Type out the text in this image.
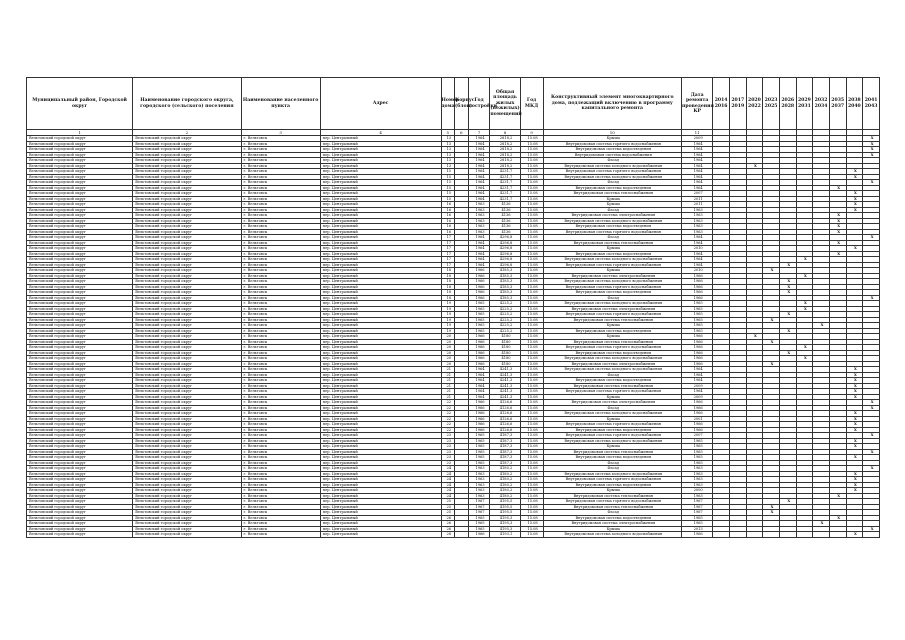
Муниципальный район, Городской округ	Наименование городского округа, городского (сельского) поселения	Наименование населенного пункта	Адрес	Номер дома	Корпус (блок)	Год постройки	Общая площадь жилых (нежилых) помещений	Год МКД	Конструктивный элемент многоквартирного дома, подлежащий включению в программу капитального ремонта	Дата ремонта проведения КР	2014 2016	2017 2019	2020 2022	2023 2025	2026 2028	2029 2031	2032 2034	2035 2037	2038 2040	2041 2043
1	2	3	4	5	6	7	8	9	10	11										
Вельтовский городской округ	Вельтовский городской округ	г. Вельтовск	пер. Центральный	13		1964	2818,2	15.08	Крыша	2009										X
Вельтовский городской округ	Вельтовский городской округ	г. Вельтовск	пер. Центральный	13		1964	2818,2	15.08	Внутридомовая система горячего водоснабжения	1964										X
Вельтовский городской округ	Вельтовский городской округ	г. Вельтовск	пер. Центральный	13		1964	2818,2	15.08	Внутридомовая система водоотведения	1964										X
Вельтовский городской округ	Вельтовский городской округ	г. Вельтовск	пер. Центральный	13		1964	2818,2	15.08	Внутридомовая система водоснабжения	1964										X
Вельтовский городской округ	Вельтовский городской округ	г. Вельтовск	пер. Центральный	13		1964	2818,2	15.08	Фасад	1964										
Вельтовский городской округ	Вельтовский городской округ	г. Вельтовск	пер. Центральный	13		1964	2818,2	15.08	Внутридомовая система холодного водоснабжения	1964			X							
Вельтовский городской округ	Вельтовский городской округ	г. Вельтовск	пер. Центральный	15		1964	4231,7	15.08	Внутридомовая система горячего водоснабжения	1964									X	
Вельтовский городской округ	Вельтовский городской округ	г. Вельтовск	пер. Центральный	15		1964	4231,7	15.08	Внутридомовая система холодного водоснабжения	1964									X	
Вельтовский городской округ	Вельтовский городской округ	г. Вельтовск	пер. Центральный	15		1964	4231,7	15.08	Фасад	1964										X
Вельтовский городской округ	Вельтовский городской округ	г. Вельтовск	пер. Центральный	15		1964	4231,7	15.08	Внутридомовая система водоотведения	1964								X		
Вельтовский городской округ	Вельтовский городской округ	г. Вельтовск	пер. Центральный	15		1964	4231,7	15.08	Внутридомовая система теплоснабжения	2007									X	
Вельтовский городской округ	Вельтовский городской округ	г. Вельтовск	пер. Центральный	15		1964	4231,7	15.08	Крыша	2011									X	
Вельтовский городской округ	Вельтовский городской округ	г. Вельтовск	пер. Центральный	16		1963	4136	15.08	Крыша	2011									X	
Вельтовский городской округ	Вельтовский городской округ	г. Вельтовск	пер. Центральный	16		1963	4136	15.08	Фасад	1963									X	
Вельтовский городской округ	Вельтовский городской округ	г. Вельтовск	пер. Центральный	16		1963	4136	15.08	Внутридомовая система электроснабжения	1963								X		
Вельтовский городской округ	Вельтовский городской округ	г. Вельтовск	пер. Центральный	16		1963	4136	15.08	Внутридомовая система холодного водоснабжения	1963								X		
Вельтовский городской округ	Вельтовский городской округ	г. Вельтовск	пер. Центральный	16		1963	4136	15.08	Внутридомовая система водоотведения	1963								X		
Вельтовский городской округ	Вельтовский городской округ	г. Вельтовск	пер. Центральный	16		1963	4136	15.08	Внутридомовая система горячего водоснабжения	1963								X		
Вельтовский городской округ	Вельтовский городской округ	г. Вельтовск	пер. Центральный	17		1964	4296,8	15.08	Фасад	1964										X
Вельтовский городской округ	Вельтовский городской округ	г. Вельтовск	пер. Центральный	17		1964	4296,8	15.08	Внутридомовая система теплоснабжения	1964								X		
Вельтовский городской округ	Вельтовский городской округ	г. Вельтовск	пер. Центральный	17		1964	4296,8	15.08	Крыша	2010									X	
Вельтовский городской округ	Вельтовский городской округ	г. Вельтовск	пер. Центральный	17		1964	4296,8	15.08	Внутридомовая система водоотведения	1964								X		
Вельтовский городской округ	Вельтовский городской округ	г. Вельтовск	пер. Центральный	17		1964	4296,8	15.08	Внутридомовая система холодного водоснабжения	1964						X				
Вельтовский городской округ	Вельтовский городской округ	г. Вельтовск	пер. Центральный	17		1964	4296,8	15.08	Внутридомовая система горячего водоснабжения	1964					X					
Вельтовский городской округ	Вельтовский городской округ	г. Вельтовск	пер. Центральный	18		1966	4185,3	15.08	Крыша	2010				X						
Вельтовский городской округ	Вельтовский городской округ	г. Вельтовск	пер. Центральный	18		1966	4185,3	15.08	Внутридомовая система электроснабжения	1966						X				
Вельтовский городской округ	Вельтовский городской округ	г. Вельтовск	пер. Центральный	18		1966	4185,3	15.08	Внутридомовая система холодного водоснабжения	1966					X					
Вельтовский городской округ	Вельтовский городской округ	г. Вельтовск	пер. Центральный	18		1966	4185,3	15.08	Внутридомовая система горячего водоснабжения	1966					X					
Вельтовский городской округ	Вельтовский городской округ	г. Вельтовск	пер. Центральный	18		1966	4185,3	15.08	Внутридомовая система водоотведения	1966					X					
Вельтовский городской округ	Вельтовский городской округ	г. Вельтовск	пер. Центральный	18		1966	4185,3	15.08	Фасад	1966										X
Вельтовский городской округ	Вельтовский городской округ	г. Вельтовск	пер. Центральный	19		1965	4225,2	15.08	Внутридомовая система холодного водоснабжения	1965						X				
Вельтовский городской округ	Вельтовский городской округ	г. Вельтовск	пер. Центральный	19		1965	4225,2	15.08	Внутридомовая система электроснабжения	1965						X				
Вельтовский городской округ	Вельтовский городской округ	г. Вельтовск	пер. Центральный	19		1965	4225,2	15.08	Внутридомовая система горячего водоснабжения	1965					X					
Вельтовский городской округ	Вельтовский городской округ	г. Вельтовск	пер. Центральный	19		1965	4225,2	15.08	Внутридомовая система теплоснабжения	1965				X						
Вельтовский городской округ	Вельтовский городской округ	г. Вельтовск	пер. Центральный	19		1965	4225,2	15.08	Крыша	1965							X			
Вельтовский городской округ	Вельтовский городской округ	г. Вельтовск	пер. Центральный	19		1965	4225,2	15.08	Внутридомовая система водоотведения	1965					X					
Вельтовский городской округ	Вельтовский городской округ	г. Вельтовск	пер. Центральный	20		1966	4180	15.08	Крыша	1966			X							
Вельтовский городской округ	Вельтовский городской округ	г. Вельтовск	пер. Центральный	20		1966	4180	15.08	Внутридомовая система теплоснабжения	1966				X						
Вельтовский городской округ	Вельтовский городской округ	г. Вельтовск	пер. Центральный	20		1966	4180	15.08	Внутридомовая система горячего водоснабжения	1966						X				
Вельтовский городской округ	Вельтовский городской округ	г. Вельтовск	пер. Центральный	20		1966	4180	15.08	Внутридомовая система водоотведения	1966					X					
Вельтовский городской округ	Вельтовский городской округ	г. Вельтовск	пер. Центральный	20		1966	4180	15.08	Внутридомовая система холодного водоснабжения	1966						X				
Вельтовский городской округ	Вельтовский городской округ	г. Вельтовск	пер. Центральный	20		1966	4180	15.08	Внутридомовая система электроснабжения	1966				X						
Вельтовский городской округ	Вельтовский городской округ	г. Вельтовск	пер. Центральный	21		1964	4241,3	15.08	Внутридомовая система холодного водоснабжения	1964									X	
Вельтовский городской округ	Вельтовский городской округ	г. Вельтовск	пер. Центральный	21		1964	4241,3	15.08	Фасад	1964									X	
Вельтовский городской округ	Вельтовский городской округ	г. Вельтовск	пер. Центральный	21		1964	4241,3	15.08	Внутридомовая система водоотведения	1964									X	
Вельтовский городской округ	Вельтовский городской округ	г. Вельтовск	пер. Центральный	21		1964	4241,3	15.08	Внутридомовая система теплоснабжения	2009									X	
Вельтовский городской округ	Вельтовский городской округ	г. Вельтовск	пер. Центральный	21		1964	4241,3	15.08	Внутридомовая система горячего водоснабжения	1964									X	
Вельтовский городской округ	Вельтовский городской округ	г. Вельтовск	пер. Центральный	21		1964	4241,3	15.08	Крыша	2009									X	
Вельтовский городской округ	Вельтовский городской округ	г. Вельтовск	пер. Центральный	22		1966	4126,6	15.08	Внутридомовая система электроснабжения	1966										X
Вельтовский городской округ	Вельтовский городской округ	г. Вельтовск	пер. Центральный	22		1966	4126,6	15.08	Фасад	1966										X
Вельтовский городской округ	Вельтовский городской округ	г. Вельтовск	пер. Центральный	22		1966	4126,6	15.08	Внутридомовая система холодного водоснабжения	1966									X	
Вельтовский городской округ	Вельтовский городской округ	г. Вельтовск	пер. Центральный	22		1966	4126,6	15.08	Крыша	2001									X	
Вельтовский городской округ	Вельтовский городской округ	г. Вельтовск	пер. Центральный	22		1966	4126,6	15.08	Внутридомовая система горячего водоснабжения	1966									X	
Вельтовский городской округ	Вельтовский городской округ	г. Вельтовск	пер. Центральный	22		1966	4126,6	15.08	Внутридомовая система водоотведения	1966									X	
Вельтовский городской округ	Вельтовский городской округ	г. Вельтовск	пер. Центральный	23		1965	4187,3	15.08	Внутридомовая система горячего водоснабжения	2007										X
Вельтовский городской округ	Вельтовский городской округ	г. Вельтовск	пер. Центральный	23		1965	4187,3	15.08	Внутридомовая система холодного водоснабжения	1965									X	
Вельтовский городской округ	Вельтовский городской округ	г. Вельтовск	пер. Центральный	23		1965	4187,3	15.08	Крыша	1965									X	
Вельтовский городской округ	Вельтовский городской округ	г. Вельтовск	пер. Центральный	23		1965	4187,3	15.08	Внутридомовая система теплоснабжения	1965										X
Вельтовский городской округ	Вельтовский городской округ	г. Вельтовск	пер. Центральный	23		1965	4187,3	15.08	Внутридомовая система водоотведения	1965									X	
Вельтовский городской округ	Вельтовский городской округ	г. Вельтовск	пер. Центральный	23		1965	4187,3	15.08	Фасад	1965										
Вельтовский городской округ	Вельтовский городской округ	г. Вельтовск	пер. Центральный	24		1963	4180,2	15.08	Фасад	1963										X
Вельтовский городской округ	Вельтовский городской округ	г. Вельтовск	пер. Центральный	24		1963	4180,2	15.08	Внутридомовая система холодного водоснабжения	1963									X	
Вельтовский городской округ	Вельтовский городской округ	г. Вельтовск	пер. Центральный	24		1963	4180,2	15.08	Внутридомовая система горячего водоснабжения	1963									X	
Вельтовский городской округ	Вельтовский городской округ	г. Вельтовск	пер. Центральный	24		1963	4180,2	15.08	Внутридомовая система водоотведения	1963									X	
Вельтовский городской округ	Вельтовский городской округ	г. Вельтовск	пер. Центральный	24		1963	4180,2	15.08	Крыша	2000									X	
Вельтовский городской округ	Вельтовский городской округ	г. Вельтовск	пер. Центральный	24		1963	4180,2	15.08	Внутридомовая система теплоснабжения	1963								X		
Вельтовский городской округ	Вельтовский городской округ	г. Вельтовск	пер. Центральный	25		1967	4195,5	15.08	Внутридомовая система горячего водоснабжения	1967					X					
Вельтовский городской округ	Вельтовский городской округ	г. Вельтовск	пер. Центральный	25		1967	4195,5	15.08	Внутридомовая система теплоснабжения	1967				X						
Вельтовский городской округ	Вельтовский городской округ	г. Вельтовск	пер. Центральный	25		1967	4195,5	15.08	Фасад	1967				X						
Вельтовский городской округ	Вельтовский городской округ	г. Вельтовск	пер. Центральный	26		1965	4195,3	15.08	Внутридомовая система водоотведения	1965								X		
Вельтовский городской округ	Вельтовский городской округ	г. Вельтовск	пер. Центральный	26		1965	4195,3	15.08	Внутридомовая система электроснабжения	1965							X			
Вельтовский городской округ	Вельтовский городской округ	г. Вельтовск	пер. Центральный	26		1965	4195,3	15.08	Крыша	2013										X
Вельтовский городской округ	Вельтовский городской округ	г. Вельтовск	пер. Центральный	28		1966	4193,1	15.08	Внутридомовая система холодного водоснабжения	1966									X	
